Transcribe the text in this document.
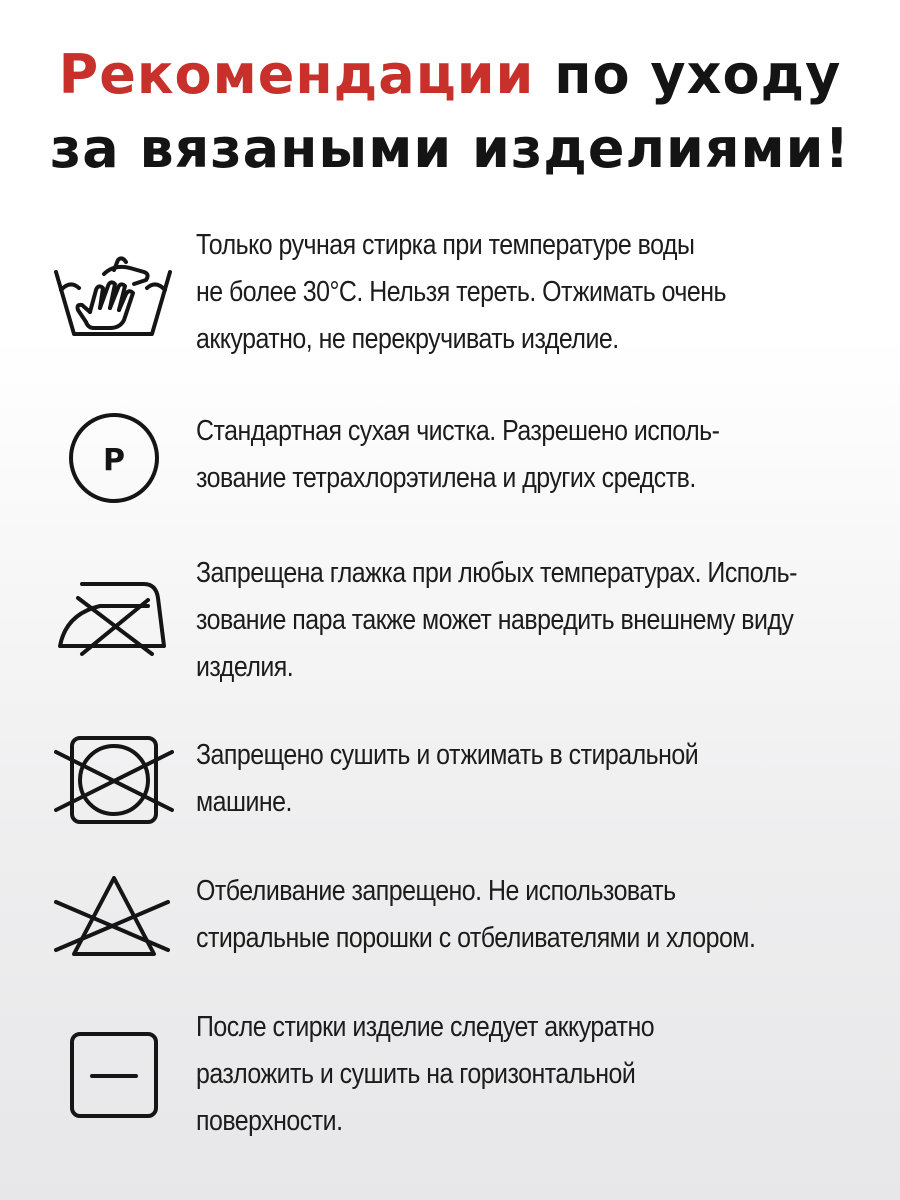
Рекомендации по уходу
за вязаными изделиями!
Только ручная стирка при температуре воды
не более 30°С. Нельзя тереть. Отжимать очень
аккуратно, не перекручивать изделие.
P
Стандартная сухая чистка. Разрешено исполь-
зование тетрахлорэтилена и других средств.
Запрещена глажка при любых температурах. Исполь-
зование пара также может навредить внешнему виду
изделия.
Запрещено сушить и отжимать в стиральной
машине.
Отбеливание запрещено. Не использовать
стиральные порошки с отбеливателями и хлором.
После стирки изделие следует аккуратно
разложить и сушить на горизонтальной
поверхности.
